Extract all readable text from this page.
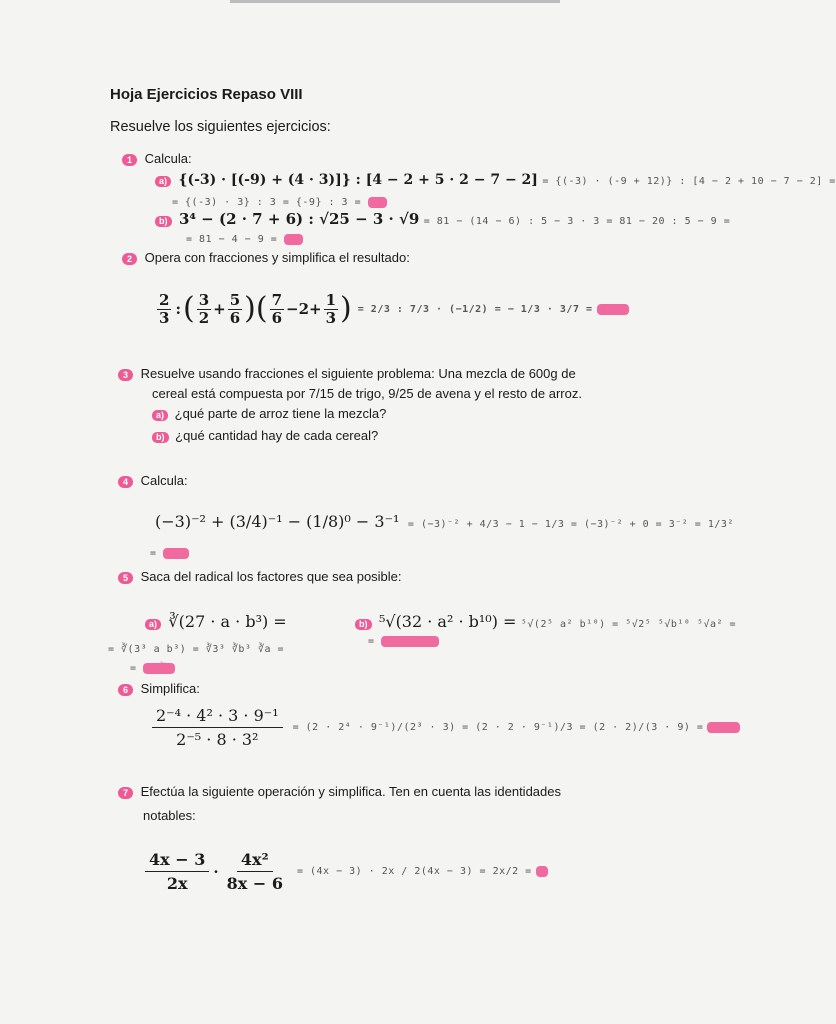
Hoja Ejercicios Repaso VIII
Resuelve los siguientes ejercicios:
1 Calcula:
a) {(-3) · [(-9) + (4 · 3)]} : [4 − 2 + 5 · 2 − 7 − 2] = {(-3) · (-9 + 12)} : [4 − 2 + 10 − 7 − 2] =
= {(-3) · 3} : 3 = {-9} : 3 = −3
b) 3⁴ − (2 · 7 + 6) : √25 − 3 · √9 = 81 − (14 − 6) : 5 − 3 · 3 = 81 − 20 : 5 − 9 =
= 81 − 4 − 9 = 68
2 Opera con fracciones y simplifica el resultado:
$\frac{2}{3}$ : ( $\frac{3}{2} + \frac{5}{6}$ ) ( $\frac{7}{6} -2+ \frac{1}{3}$ ) = 2/3 : 7/3 · (−1/2) = − 1/3 · 3/7 = −1/7
3 Resuelve usando fracciones el siguiente problema: Una mezcla de 600g de
cereal está compuesta por 7/15 de trigo, 9/25 de avena y el resto de arroz.
a) ¿qué parte de arroz tiene la mezcla?
b) ¿qué cantidad hay de cada cereal?
4 Calcula:
(−3)⁻² + (3/4)⁻¹ − (1/8)⁰ − 3⁻¹ = (−3)⁻² + 4/3 − 1 − 1/3 = (−3)⁻² + 0 = 3⁻² = 1/3²
= 1/9
5 Saca del radical los factores que sea posible:
a) ∛(27 · a · b³) =
= ∛(3³ a b³) = ∛3³ ∛b³ ∛a =
= 3b∛a
b) ⁵√(32 · a² · b¹⁰) = ⁵√(2⁵ a² b¹⁰) = ⁵√2⁵ ⁵√b¹⁰ ⁵√a² =
= 2b² ⁵√a²
6 Simplifica:
$\frac{\text{2⁻⁴ · 4² · 3 · 9⁻¹}}{\text{2⁻⁵ · 8 · 3²}} = (2 \cdot 2^4 \cdot 9^{-1})/(2^3 \cdot 3) = (2 \cdot 2 \cdot 9^{-1})/3 = (2 \cdot 2)/(3 \cdot 9) = 4/27$
7 Efectúa la siguiente operación y simplifica. Ten en cuenta las identidades
notables:
$\frac{4x - 3}{2x} \cdot \frac{\text{4x²}}{8x - 6} = (4x - 3) \cdot 2x / 2(4x - 3) = 2x/2 = x$
